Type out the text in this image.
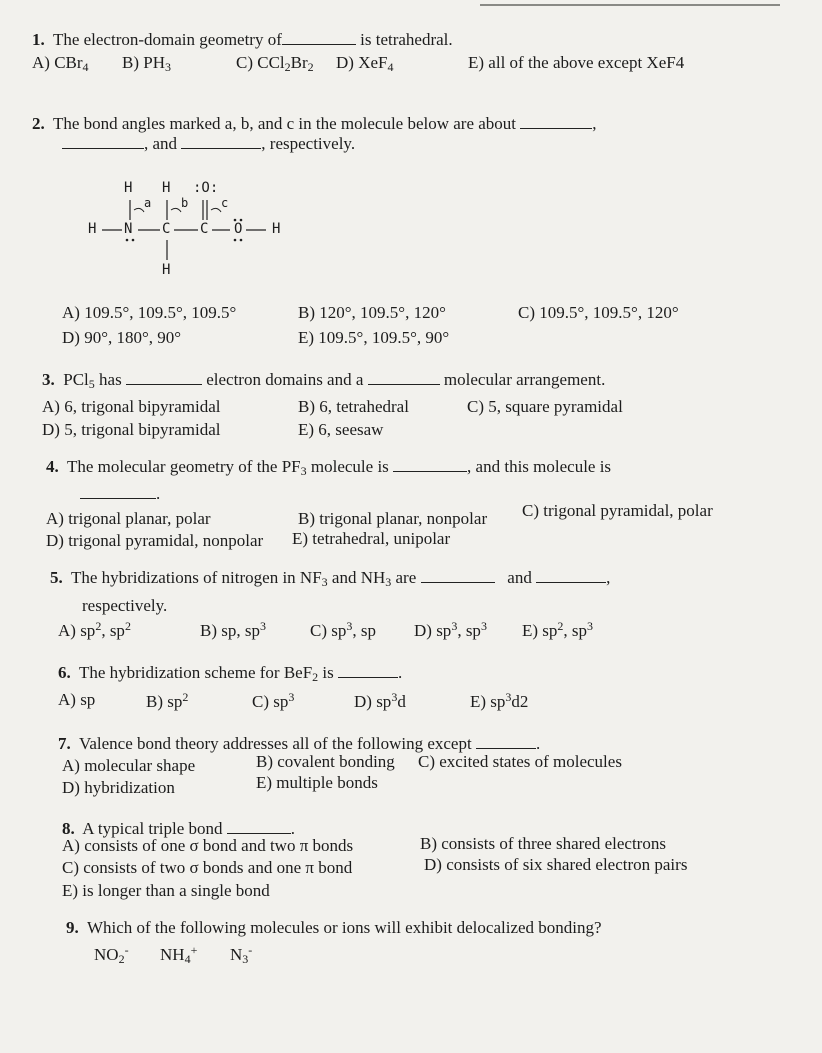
1.  The electron-domain geometry of	is tetrahedral.
A) CBr$_4$ B) $PH_3$	C) $CCl_2Br_2$ D) XeF$_4$	E) all of the above except XeF4
2.  The bond angles marked a, b, and c in the molecule below are about	,
, and	, respectively.
H H :O:
H N C C O H
H
a b	c
A) 109.5°, 109.5°, 109.5°	B) 120°, 109.5°, 120°	C) 109.5°, 109.5°, 120°
D) 90°, 180°, 90°	E) 109.5°, 109.5°, 90°
3.  PCl$_5$ has	electron domains and a	molecular arrangement.
A) 6, trigonal bipyramidal	B) 6, tetrahedral	C) 5, square pyramidal
D) 5, trigonal bipyramidal	E) 6, seesaw
4.  The molecular geometry of the $PF_3$ molecule is	, and this molecule is
.
A) trigonal planar, polar	B) trigonal planar, nonpolar C) trigonal pyramidal, polar
D) trigonal pyramidal, nonpolar E) tetrahedral, unipolar
5.  The hybridizations of nitrogen in $NF_3$ and $NH_3$ are	and	,
respectively.
A) $sp^2$, $sp^2$	B) sp, $sp^3$	C) $sp^3$, sp D) $sp^3$, $sp^3$ E) $sp^2$, $sp^3$
6.  The hybridization scheme for BeF$_2$ is	.
A) sp	B) $sp^2$	C) $sp^3$	D) $sp^3d$	E) $sp^3d2$
7.  Valence bond theory addresses all of the following except	.
A) molecular shape	B) covalent bonding C) excited states of molecules
D) hybridization	E) multiple bonds
8.  A typical triple bond	.
A) consists of one σ bond and two π bonds	B) consists of three shared electrons
C) consists of two σ bonds and one π bond	D) consists of six shared electron pairs
E) is longer than a single bond
9. Which of the following molecules or ions will exhibit delocalized bonding?
$NO_2^-$ $NH_4^+$ $N_3^-$
